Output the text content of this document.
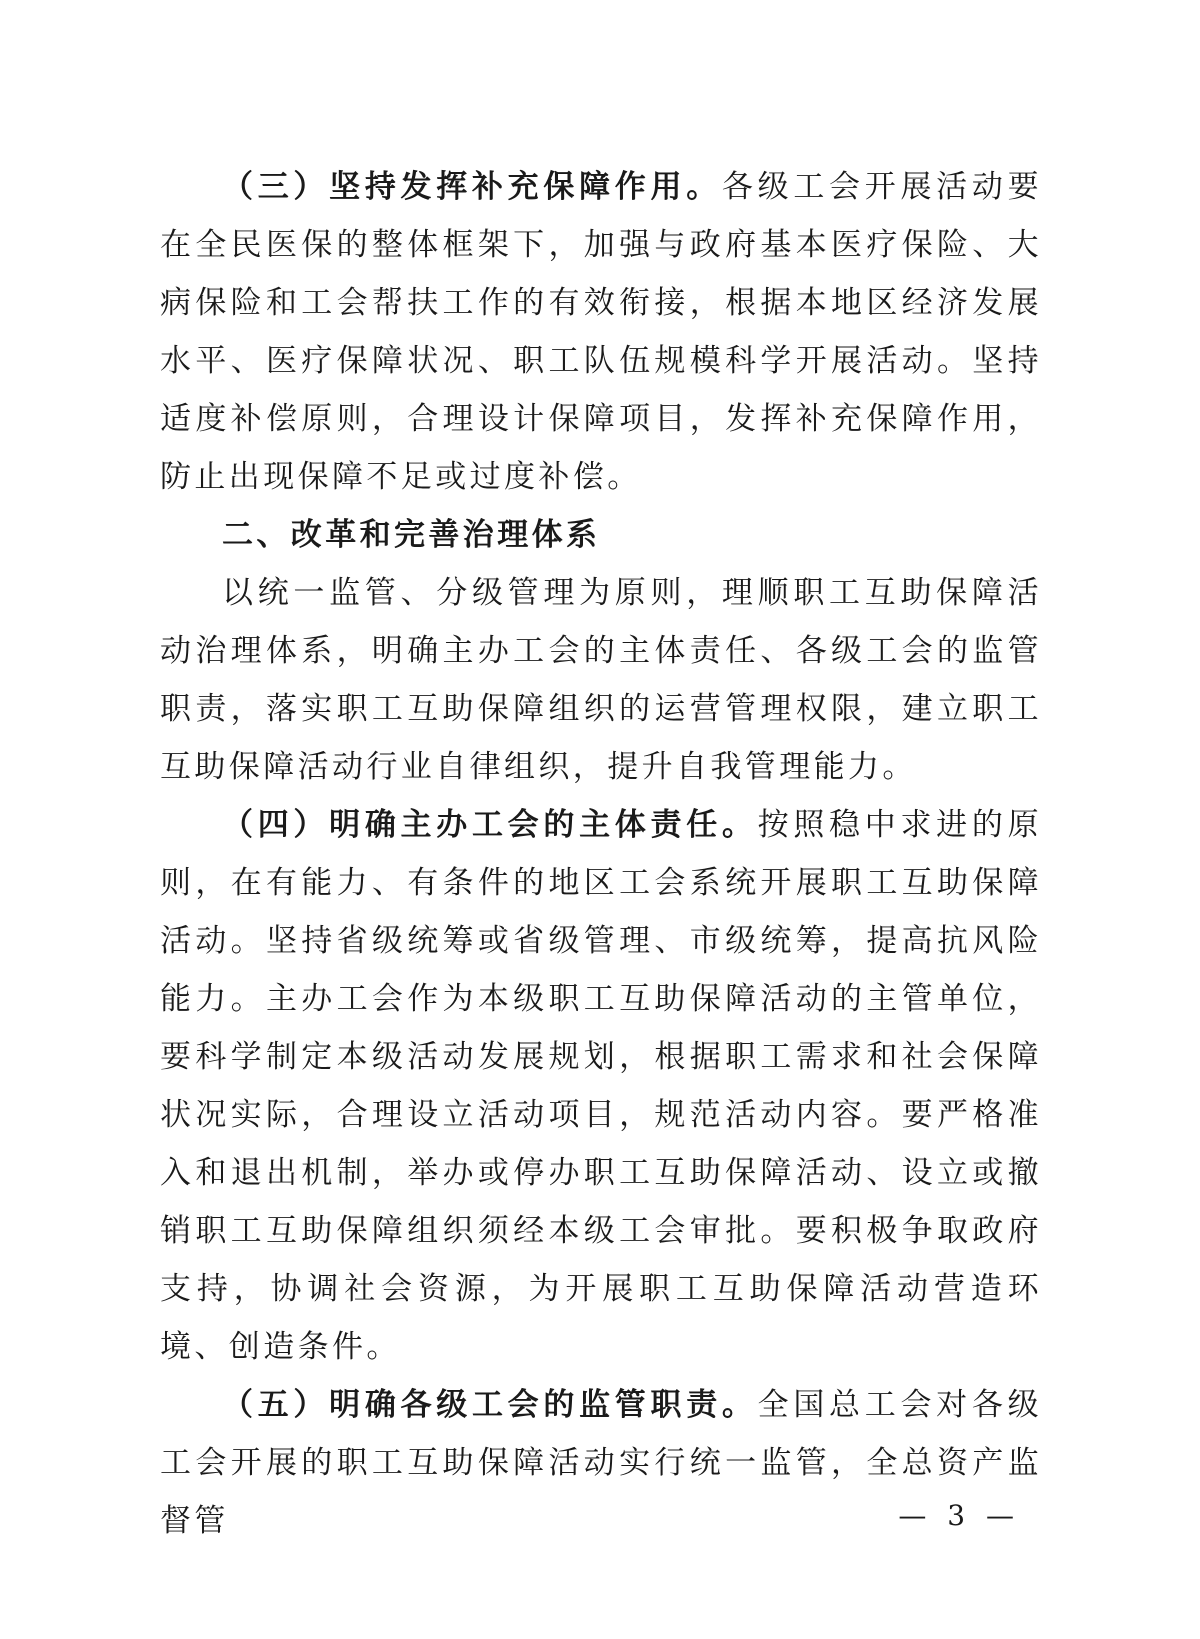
（三）坚持发挥补充保障作用。各级工会开展活动要在全民医保的整体框架下，加强与政府基本医疗保险、大病保险和工会帮扶工作的有效衔接，根据本地区经济发展水平、医疗保障状况、职工队伍规模科学开展活动。坚持适度补偿原则，合理设计保障项目，发挥补充保障作用，防止出现保障不足或过度补偿。

二、改革和完善治理体系

以统一监管、分级管理为原则，理顺职工互助保障活动治理体系，明确主办工会的主体责任、各级工会的监管职责，落实职工互助保障组织的运营管理权限，建立职工互助保障活动行业自律组织，提升自我管理能力。

（四）明确主办工会的主体责任。按照稳中求进的原则，在有能力、有条件的地区工会系统开展职工互助保障活动。坚持省级统筹或省级管理、市级统筹，提高抗风险能力。主办工会作为本级职工互助保障活动的主管单位，要科学制定本级活动发展规划，根据职工需求和社会保障状况实际，合理设立活动项目，规范活动内容。要严格准入和退出机制，举办或停办职工互助保障活动、设立或撤销职工互助保障组织须经本级工会审批。要积极争取政府支持，协调社会资源，为开展职工互助保障活动营造环境、创造条件。

（五）明确各级工会的监管职责。全国总工会对各级工会开展的职工互助保障活动实行统一监管，全总资产监督管	— 3 —
